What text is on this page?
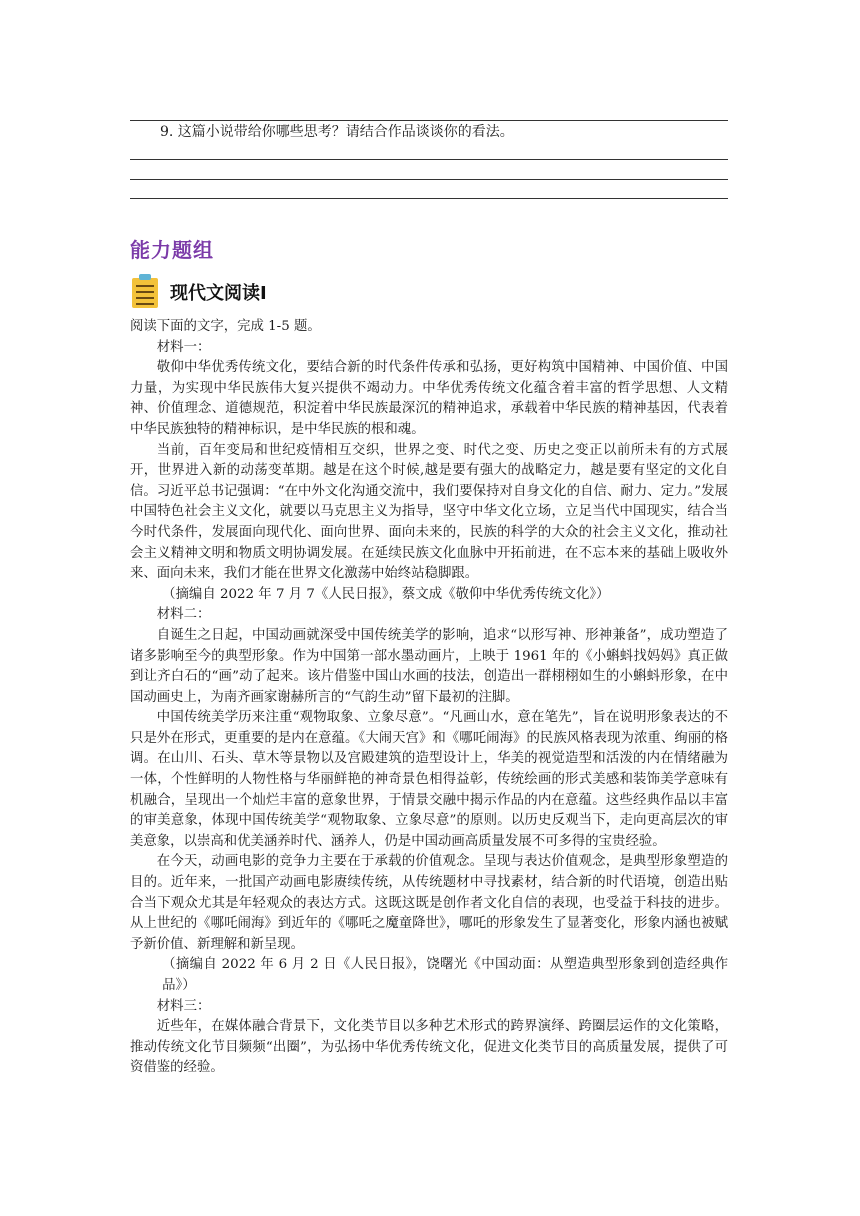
9. 这篇小说带给你哪些思考？请结合作品谈谈你的看法。
能力题组
现代文阅读Ⅰ

阅读下面的文字，完成 1-5 题。

材料一：

敬仰中华优秀传统文化，要结合新的时代条件传承和弘扬，更好构筑中国精神、中国价值、中国力量，为实现中华民族伟大复兴提供不竭动力。中华优秀传统文化蕴含着丰富的哲学思想、人文精神、价值理念、道德规范，积淀着中华民族最深沉的精神追求，承载着中华民族的精神基因，代表着中华民族独特的精神标识，是中华民族的根和魂。

当前，百年变局和世纪疫情相互交织，世界之变、时代之变、历史之变正以前所未有的方式展开，世界进入新的动荡变革期。越是在这个时候,越是要有强大的战略定力，越是要有坚定的文化自信。习近平总书记强调：“在中外文化沟通交流中，我们要保持对自身文化的自信、耐力、定力。”发展中国特色社会主义文化，就要以马克思主义为指导，坚守中华文化立场，立足当代中国现实，结合当今时代条件，发展面向现代化、面向世界、面向未来的，民族的科学的大众的社会主义文化，推动社会主义精神文明和物质文明协调发展。在延续民族文化血脉中开拓前进，在不忘本来的基础上吸收外来、面向未来，我们才能在世界文化激荡中始终站稳脚跟。

（摘编自 2022 年 7 月 7《人民日报》，蔡文成《敬仰中华优秀传统文化》）

材料二：

自诞生之日起，中国动画就深受中国传统美学的影响，追求“以形写神、形神兼备”，成功塑造了诸多影响至今的典型形象。作为中国第一部水墨动画片，上映于 1961 年的《小蝌蚪找妈妈》真正做到让齐白石的“画”动了起来。该片借鉴中国山水画的技法，创造出一群栩栩如生的小蝌蚪形象，在中国动画史上，为南齐画家谢赫所言的“气韵生动”留下最初的注脚。

中国传统美学历来注重“观物取象、立象尽意”。“凡画山水，意在笔先”，旨在说明形象表达的不只是外在形式，更重要的是内在意蕴。《大闹天宫》和《哪吒闹海》的民族风格表现为浓重、绚丽的格调。在山川、石头、草木等景物以及宫殿建筑的造型设计上，华美的视觉造型和活泼的内在情绪融为一体，个性鲜明的人物性格与华丽鲜艳的神奇景色相得益彰，传统绘画的形式美感和装饰美学意味有机融合，呈现出一个灿烂丰富的意象世界，于情景交融中揭示作品的内在意蕴。这些经典作品以丰富的审美意象，体现中国传统美学“观物取象、立象尽意”的原则。以历史反观当下，走向更高层次的审美意象，以崇高和优美涵养时代、涵养人，仍是中国动画高质量发展不可多得的宝贵经验。

在今天，动画电影的竞争力主要在于承载的价值观念。呈现与表达价值观念，是典型形象塑造的目的。近年来，一批国产动画电影赓续传统，从传统题材中寻找素材，结合新的时代语境，创造出贴合当下观众尤其是年轻观众的表达方式。这既这既是创作者文化自信的表现，也受益于科技的进步。从上世纪的《哪吒闹海》到近年的《哪吒之魔童降世》，哪吒的形象发生了显著变化，形象内涵也被赋予新价值、新理解和新呈现。

（摘编自 2022 年 6 月 2 日《人民日报》，饶曙光《中国动面：从塑造典型形象到创造经典作品》）

材料三：

近些年，在媒体融合背景下，文化类节目以多种艺术形式的跨界演绎、跨圈层运作的文化策略，推动传统文化节目频频“出圈”，为弘扬中华优秀传统文化，促进文化类节目的高质量发展，提供了可资借鉴的经验。
